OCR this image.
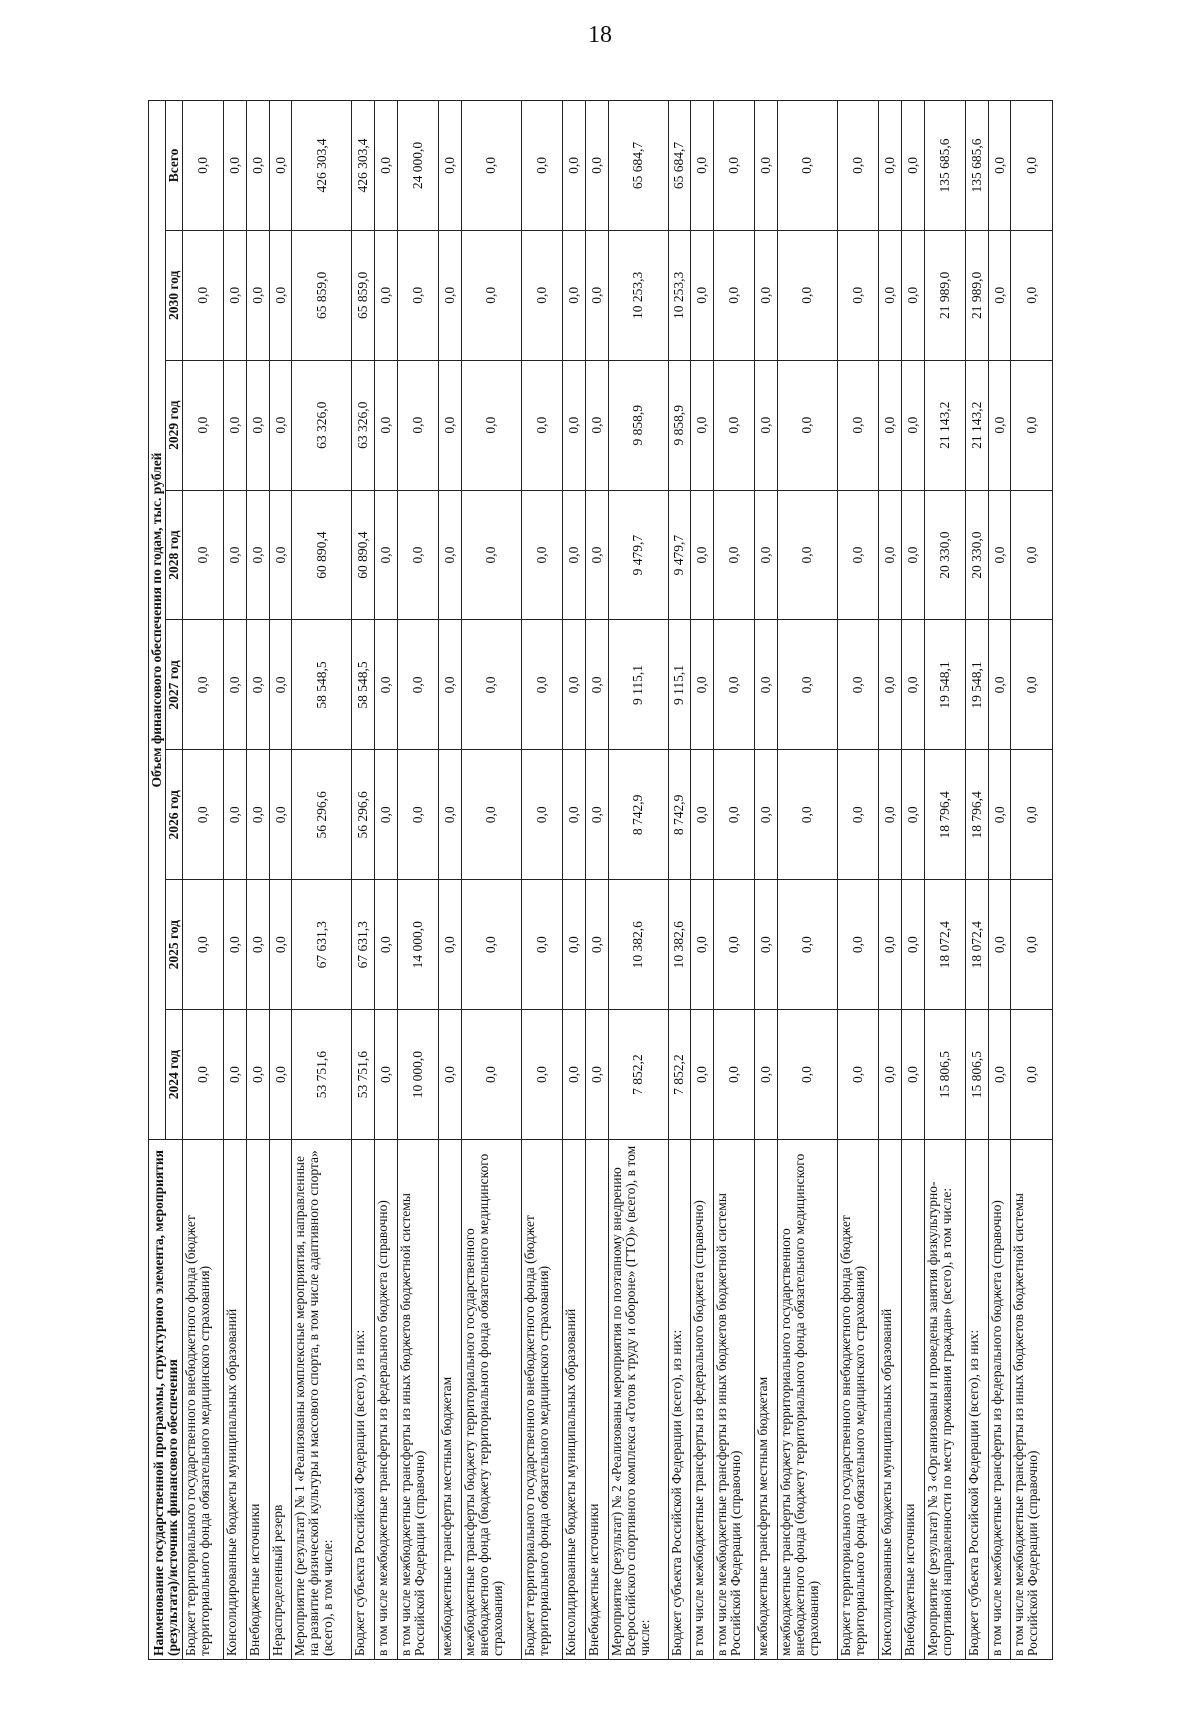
18
Наименование государственной программы, структурного элемента, мероприятия (результата)/источник финансового обеспечения	Объем финансового обеспечения по годам, тыс. рублей							
	2024 год	2025 год	2026 год	2027 год	2028 год	2029 год	2030 год	Всего
Бюджет территориального государственного внебюджетного фонда (бюджет территориального фонда обязательного медицинского страхования)	0,0	0,0	0,0	0,0	0,0	0,0	0,0	0,0
Консолидированные бюджеты муниципальных образований	0,0	0,0	0,0	0,0	0,0	0,0	0,0	0,0
Внебюджетные источники	0,0	0,0	0,0	0,0	0,0	0,0	0,0	0,0
Нераспределенный резерв	0,0	0,0	0,0	0,0	0,0	0,0	0,0	0,0
Мероприятие (результат) № 1 «Реализованы комплексные мероприятия, направленные на развитие физической культуры и массового спорта, в том числе адаптивного спорта» (всего), в том числе:	53 751,6	67 631,3	56 296,6	58 548,5	60 890,4	63 326,0	65 859,0	426 303,4
Бюджет субъекта Российской Федерации (всего), из них:	53 751,6	67 631,3	56 296,6	58 548,5	60 890,4	63 326,0	65 859,0	426 303,4
в том числе межбюджетные трансферты из федерального бюджета (справочно)	0,0	0,0	0,0	0,0	0,0	0,0	0,0	0,0
в том числе межбюджетные трансферты из иных бюджетов бюджетной системы Российской Федерации (справочно)	10 000,0	14 000,0	0,0	0,0	0,0	0,0	0,0	24 000,0
межбюджетные трансферты местным бюджетам	0,0	0,0	0,0	0,0	0,0	0,0	0,0	0,0
межбюджетные трансферты бюджету территориального государственного внебюджетного фонда (бюджету территориального фонда обязательного медицинского страхования)	0,0	0,0	0,0	0,0	0,0	0,0	0,0	0,0
Бюджет территориального государственного внебюджетного фонда (бюджет территориального фонда обязательного медицинского страхования)	0,0	0,0	0,0	0,0	0,0	0,0	0,0	0,0
Консолидированные бюджеты муниципальных образований	0,0	0,0	0,0	0,0	0,0	0,0	0,0	0,0
Внебюджетные источники	0,0	0,0	0,0	0,0	0,0	0,0	0,0	0,0
Мероприятие (результат) № 2 «Реализованы мероприятия по поэтапному внедрению Всероссийского спортивного комплекса «Готов к труду и обороне» (ГТО)» (всего), в том числе:	7 852,2	10 382,6	8 742,9	9 115,1	9 479,7	9 858,9	10 253,3	65 684,7
Бюджет субъекта Российской Федерации (всего), из них:	7 852,2	10 382,6	8 742,9	9 115,1	9 479,7	9 858,9	10 253,3	65 684,7
в том числе межбюджетные трансферты из федерального бюджета (справочно)	0,0	0,0	0,0	0,0	0,0	0,0	0,0	0,0
в том числе межбюджетные трансферты из иных бюджетов бюджетной системы Российской Федерации (справочно)	0,0	0,0	0,0	0,0	0,0	0,0	0,0	0,0
межбюджетные трансферты местным бюджетам	0,0	0,0	0,0	0,0	0,0	0,0	0,0	0,0
межбюджетные трансферты бюджету территориального государственного внебюджетного фонда (бюджету территориального фонда обязательного медицинского страхования)	0,0	0,0	0,0	0,0	0,0	0,0	0,0	0,0
Бюджет территориального государственного внебюджетного фонда (бюджет территориального фонда обязательного медицинского страхования)	0,0	0,0	0,0	0,0	0,0	0,0	0,0	0,0
Консолидированные бюджеты муниципальных образований	0,0	0,0	0,0	0,0	0,0	0,0	0,0	0,0
Внебюджетные источники	0,0	0,0	0,0	0,0	0,0	0,0	0,0	0,0
Мероприятие (результат) № 3 «Организованы и проведены занятия физкультурно-спортивной направленности по месту проживания граждан» (всего), в том числе:	15 806,5	18 072,4	18 796,4	19 548,1	20 330,0	21 143,2	21 989,0	135 685,6
Бюджет субъекта Российской Федерации (всего), из них:	15 806,5	18 072,4	18 796,4	19 548,1	20 330,0	21 143,2	21 989,0	135 685,6
в том числе межбюджетные трансферты из федерального бюджета (справочно)	0,0	0,0	0,0	0,0	0,0	0,0	0,0	0,0
в том числе межбюджетные трансферты из иных бюджетов бюджетной системы Российской Федерации (справочно)	0,0	0,0	0,0	0,0	0,0	0,0	0,0	0,0
